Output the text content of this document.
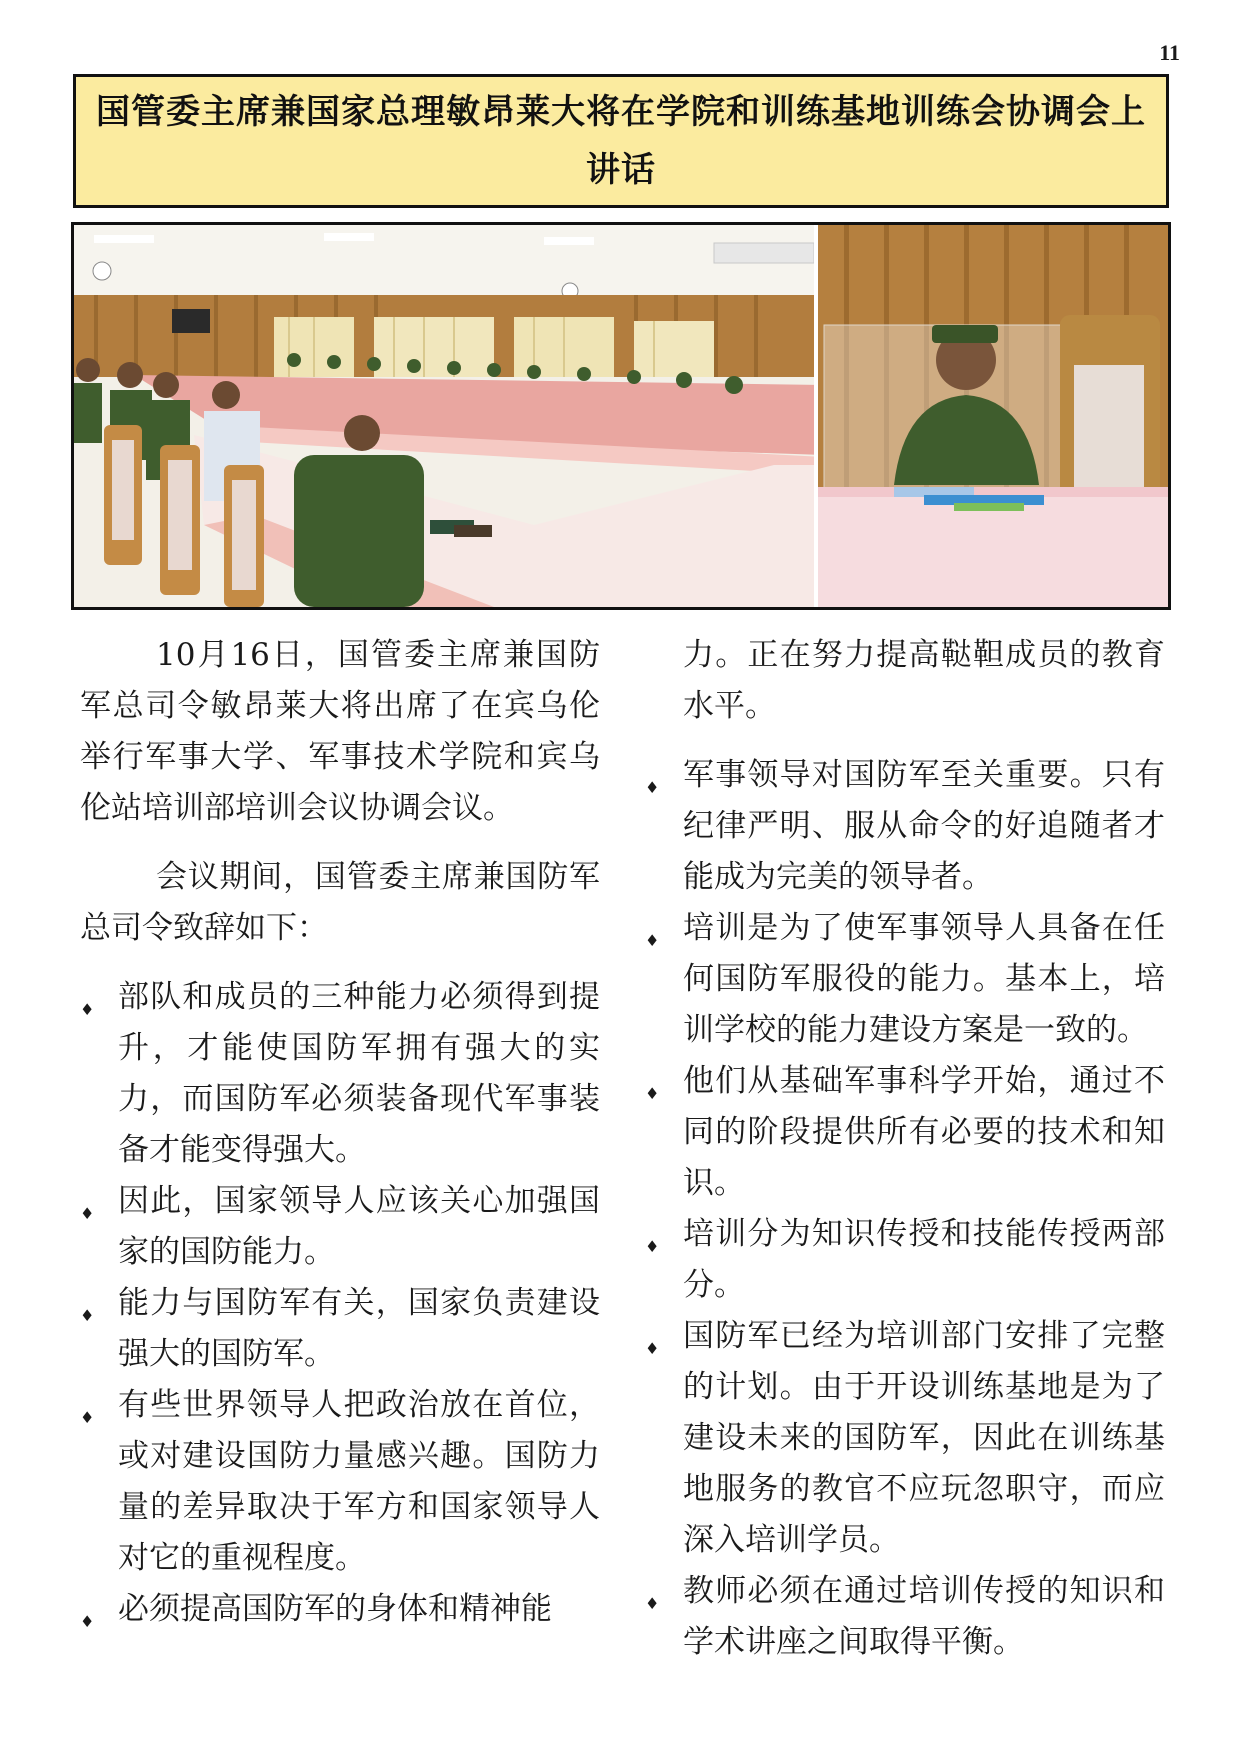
11
国管委主席兼国家总理敏昂莱大将在学院和训练基地训练会协调会上讲话

10月16日，国管委主席兼国防军总司令敏昂莱大将出席了在宾乌伦举行军事大学、军事技术学院和宾乌伦站培训部培训会议协调会议。

会议期间，国管委主席兼国防军总司令致辞如下：

♦ 部队和成员的三种能力必须得到提升，才能使国防军拥有强大的实力，而国防军必须装备现代军事装备才能变得强大。
♦ 因此，国家领导人应该关心加强国家的国防能力。
♦ 能力与国防军有关，国家负责建设强大的国防军。
♦ 有些世界领导人把政治放在首位，或对建设国防力量感兴趣。国防力量的差异取决于军方和国家领导人对它的重视程度。
♦ 必须提高国防军的身体和精神能

力。正在努力提高鞑靼成员的教育水平。

♦ 军事领导对国防军至关重要。只有纪律严明、服从命令的好追随者才能成为完美的领导者。
♦ 培训是为了使军事领导人具备在任何国防军服役的能力。基本上，培训学校的能力建设方案是一致的。
♦ 他们从基础军事科学开始，通过不同的阶段提供所有必要的技术和知识。
♦ 培训分为知识传授和技能传授两部分。
♦ 国防军已经为培训部门安排了完整的计划。由于开设训练基地是为了建设未来的国防军，因此在训练基地服务的教官不应玩忽职守，而应深入培训学员。
♦ 教师必须在通过培训传授的知识和学术讲座之间取得平衡。
